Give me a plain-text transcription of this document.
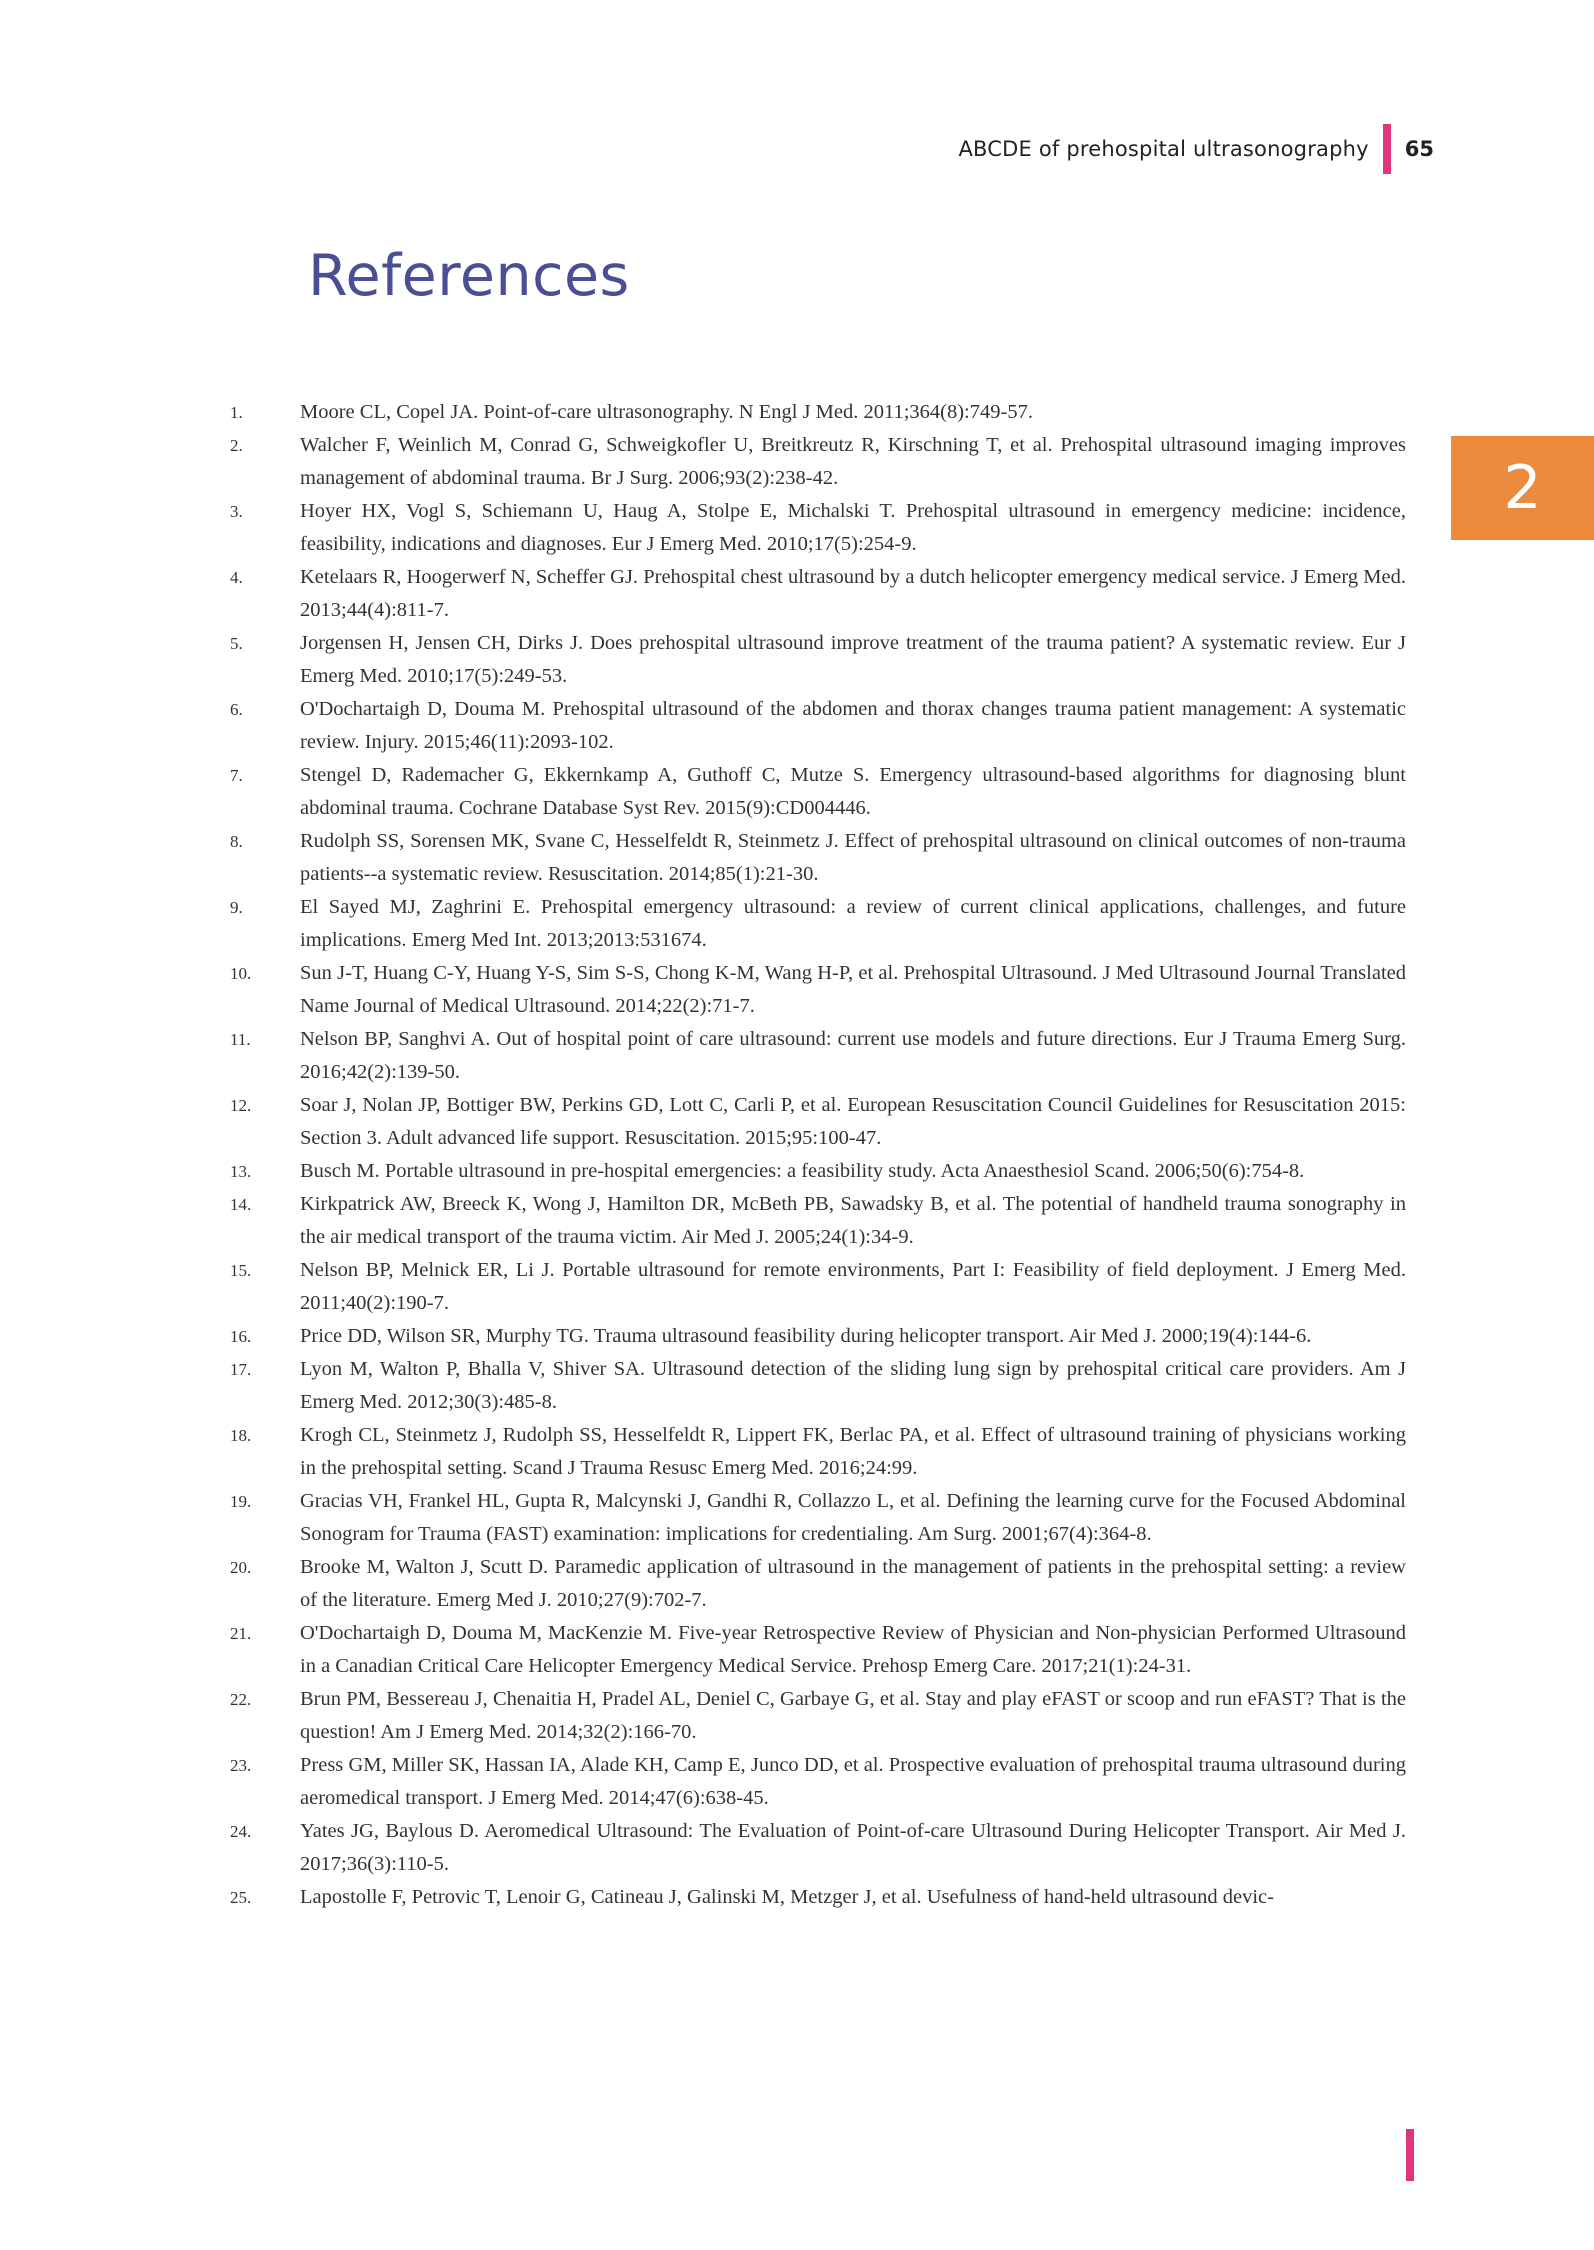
ABCDE of prehospital ultrasonography 65
2
References
1.	Moore CL, Copel JA. Point-of-care ultrasonography. N Engl J Med. 2011;364(8):749-57.
2.	Walcher F, Weinlich M, Conrad G, Schweigkofler U, Breitkreutz R, Kirschning T, et al. Prehospital ultrasound imaging improves management of abdominal trauma. Br J Surg. 2006;93(2):238-42.
3.	Hoyer HX, Vogl S, Schiemann U, Haug A, Stolpe E, Michalski T. Prehospital ultrasound in emergency medicine: incidence, feasibility, indications and diagnoses. Eur J Emerg Med. 2010;17(5):254-9.
4.	Ketelaars R, Hoogerwerf N, Scheffer GJ. Prehospital chest ultrasound by a dutch helicopter emergency medical service. J Emerg Med. 2013;44(4):811-7.
5.	Jorgensen H, Jensen CH, Dirks J. Does prehospital ultrasound improve treatment of the trauma patient? A systematic review. Eur J Emerg Med. 2010;17(5):249-53.
6.	O'Dochartaigh D, Douma M. Prehospital ultrasound of the abdomen and thorax changes trauma patient management: A systematic review. Injury. 2015;46(11):2093-102.
7.	Stengel D, Rademacher G, Ekkernkamp A, Guthoff C, Mutze S. Emergency ultrasound-based algorithms for diagnosing blunt abdominal trauma. Cochrane Database Syst Rev. 2015(9):CD004446.
8.	Rudolph SS, Sorensen MK, Svane C, Hesselfeldt R, Steinmetz J. Effect of prehospital ultrasound on clinical outcomes of non-trauma patients--a systematic review. Resuscitation. 2014;85(1):21-30.
9.	El Sayed MJ, Zaghrini E. Prehospital emergency ultrasound: a review of current clinical applications, challenges, and future implications. Emerg Med Int. 2013;2013:531674.
10.	Sun J-T, Huang C-Y, Huang Y-S, Sim S-S, Chong K-M, Wang H-P, et al. Prehospital Ultrasound. J Med Ultrasound Journal Translated Name Journal of Medical Ultrasound. 2014;22(2):71-7.
11.	Nelson BP, Sanghvi A. Out of hospital point of care ultrasound: current use models and future directions. Eur J Trauma Emerg Surg. 2016;42(2):139-50.
12.	Soar J, Nolan JP, Bottiger BW, Perkins GD, Lott C, Carli P, et al. European Resuscitation Council Guidelines for Resuscitation 2015: Section 3. Adult advanced life support. Resuscitation. 2015;95:100-47.
13.	Busch M. Portable ultrasound in pre-hospital emergencies: a feasibility study. Acta Anaesthesiol Scand. 2006;50(6):754-8.
14.	Kirkpatrick AW, Breeck K, Wong J, Hamilton DR, McBeth PB, Sawadsky B, et al. The potential of handheld trauma sonography in the air medical transport of the trauma victim. Air Med J. 2005;24(1):34-9.
15.	Nelson BP, Melnick ER, Li J. Portable ultrasound for remote environments, Part I: Feasibility of field deployment. J Emerg Med. 2011;40(2):190-7.
16.	Price DD, Wilson SR, Murphy TG. Trauma ultrasound feasibility during helicopter transport. Air Med J. 2000;19(4):144-6.
17.	Lyon M, Walton P, Bhalla V, Shiver SA. Ultrasound detection of the sliding lung sign by prehospital critical care providers. Am J Emerg Med. 2012;30(3):485-8.
18.	Krogh CL, Steinmetz J, Rudolph SS, Hesselfeldt R, Lippert FK, Berlac PA, et al. Effect of ultrasound training of physicians working in the prehospital setting. Scand J Trauma Resusc Emerg Med. 2016;24:99.
19.	Gracias VH, Frankel HL, Gupta R, Malcynski J, Gandhi R, Collazzo L, et al. Defining the learning curve for the Focused Abdominal Sonogram for Trauma (FAST) examination: implications for credentialing. Am Surg. 2001;67(4):364-8.
20.	Brooke M, Walton J, Scutt D. Paramedic application of ultrasound in the management of patients in the prehospital setting: a review of the literature. Emerg Med J. 2010;27(9):702-7.
21.	O'Dochartaigh D, Douma M, MacKenzie M. Five-year Retrospective Review of Physician and Non-physician Performed Ultrasound in a Canadian Critical Care Helicopter Emergency Medical Service. Prehosp Emerg Care. 2017;21(1):24-31.
22.	Brun PM, Bessereau J, Chenaitia H, Pradel AL, Deniel C, Garbaye G, et al. Stay and play eFAST or scoop and run eFAST? That is the question! Am J Emerg Med. 2014;32(2):166-70.
23.	Press GM, Miller SK, Hassan IA, Alade KH, Camp E, Junco DD, et al. Prospective evaluation of prehospital trauma ultrasound during aeromedical transport. J Emerg Med. 2014;47(6):638-45.
24.	Yates JG, Baylous D. Aeromedical Ultrasound: The Evaluation of Point-of-care Ultrasound During Helicopter Transport. Air Med J. 2017;36(3):110-5.
25.	Lapostolle F, Petrovic T, Lenoir G, Catineau J, Galinski M, Metzger J, et al. Usefulness of hand-held ultrasound devic-
